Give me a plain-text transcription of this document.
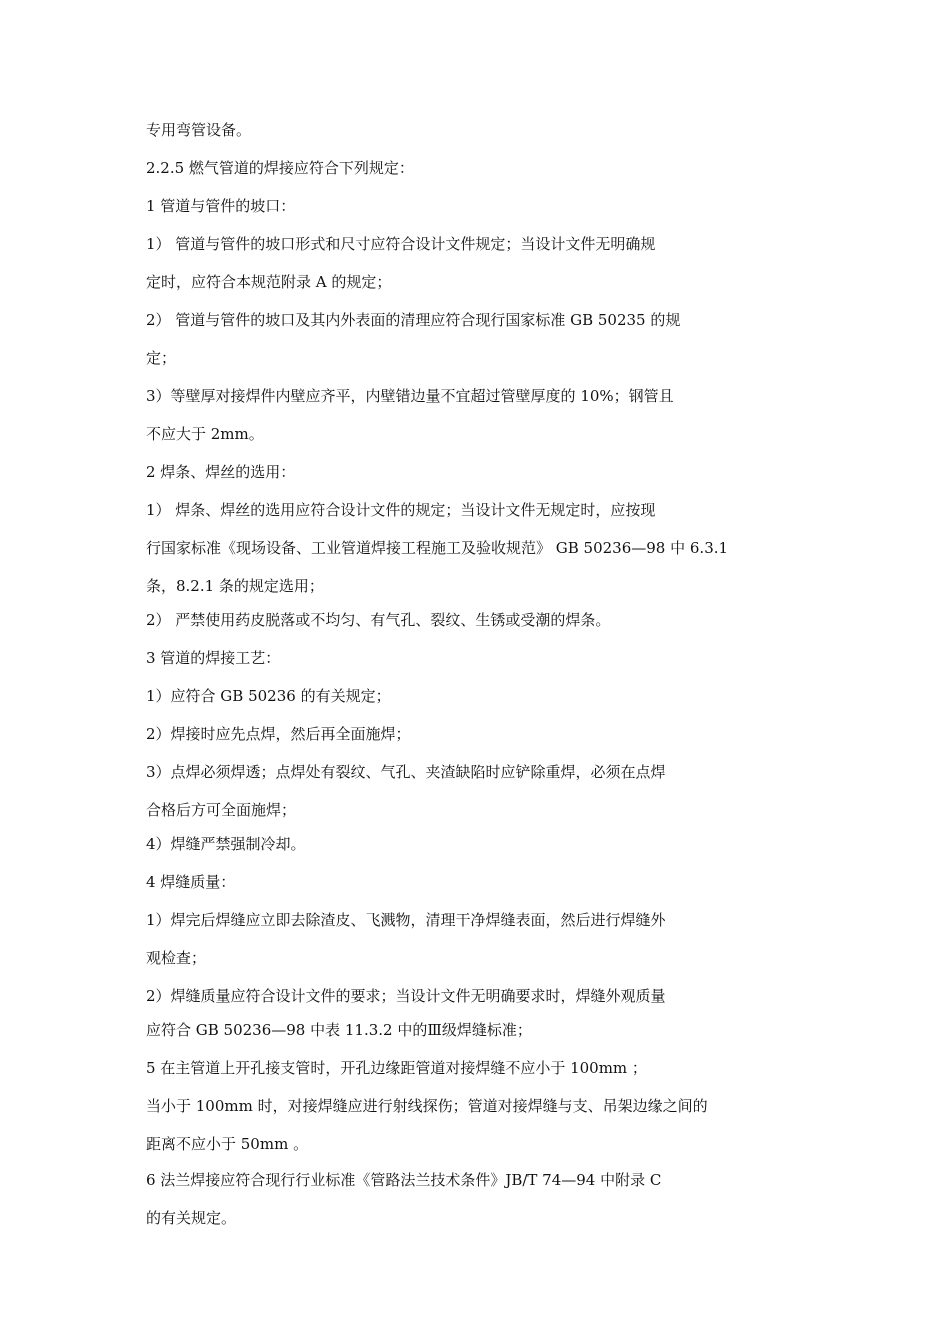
专用弯管设备。
2.2.5 燃气管道的焊接应符合下列规定：
1 管道与管件的坡口：
1） 管道与管件的坡口形式和尺寸应符合设计文件规定；当设计文件无明确规
定时，应符合本规范附录 A 的规定；
2） 管道与管件的坡口及其内外表面的清理应符合现行国家标准 GB 50235 的规
定；
3）等壁厚对接焊件内壁应齐平，内壁错边量不宜超过管壁厚度的 10%；钢管且
不应大于 2mm。
2 焊条、焊丝的选用：
1） 焊条、焊丝的选用应符合设计文件的规定；当设计文件无规定时，应按现
行国家标准《现场设备、工业管道焊接工程施工及验收规范》 GB 50236—98 中 6.3.1
条，8.2.1 条的规定选用；
2） 严禁使用药皮脱落或不均匀、有气孔、裂纹、生锈或受潮的焊条。
3 管道的焊接工艺：
1）应符合 GB 50236 的有关规定；
2）焊接时应先点焊，然后再全面施焊；
3）点焊必须焊透；点焊处有裂纹、气孔、夹渣缺陷时应铲除重焊，必须在点焊
合格后方可全面施焊；
4）焊缝严禁强制冷却。
4 焊缝质量：
1）焊完后焊缝应立即去除渣皮、飞溅物，清理干净焊缝表面，然后进行焊缝外
观检查；
2）焊缝质量应符合设计文件的要求；当设计文件无明确要求时，焊缝外观质量
应符合 GB 50236—98 中表 11.3.2 中的Ⅲ级焊缝标准；
5 在主管道上开孔接支管时，开孔边缘距管道对接焊缝不应小于 100mm ；
当小于 100mm 时，对接焊缝应进行射线探伤；管道对接焊缝与支、吊架边缘之间的
距离不应小于 50mm 。
6 法兰焊接应符合现行行业标准《管路法兰技术条件》JB/T 74—94 中附录 C
的有关规定。
